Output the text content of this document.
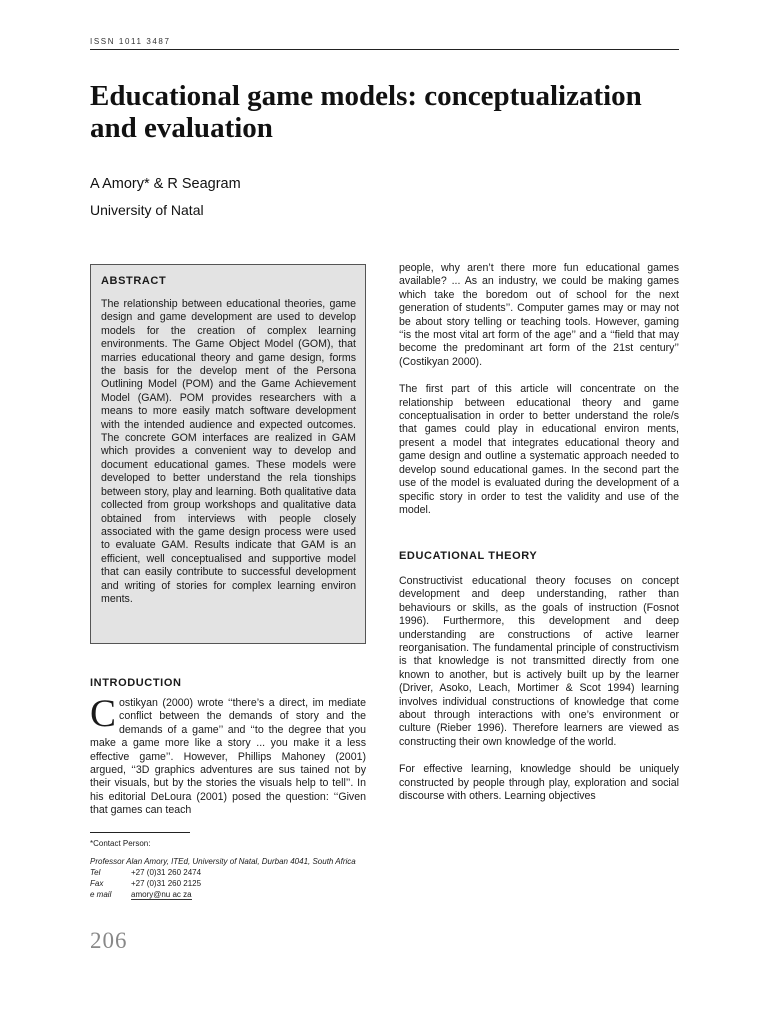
ISSN 1011 3487
Educational game models: conceptualization and evaluation
A Amory* & R Seagram
University of Natal
ABSTRACT

The relationship between educational theories, game design and game development are used to develop models for the creation of complex learning environments. The Game Object Model (GOM), that marries educational theory and game design, forms the basis for the develop ment of the Persona Outlining Model (POM) and the Game Achievement Model (GAM). POM provides researchers with a means to more easily match software development with the intended audience and expected outcomes. The concrete GOM interfaces are realized in GAM which provides a convenient way to develop and document educational games. These models were developed to better understand the rela tionships between story, play and learning. Both qualitative data collected from group workshops and qualitative data obtained from interviews with people closely associated with the game design process were used to evaluate GAM. Results indicate that GAM is an efficient, well conceptualised and supportive model that can easily contribute to successful development and writing of stories for complex learning environ ments.

INTRODUCTION
Costikyan (2000) wrote ‘‘there’s a direct, im mediate conflict between the demands of story and the demands of a game’’ and ‘‘to the degree that you make a game more like a story ... you make it a less effective game’’. However, Phillips Mahoney (2001) argued, ‘‘3D graphics adventures are sus tained not by their visuals, but by the stories the visuals help to tell’’. In his editorial DeLoura (2001) posed the question: ‘‘Given that games can teach

people, why aren’t there more fun educational games available? ... As an industry, we could be making games which take the boredom out of school for the next generation of students’’. Computer games may or may not be about story telling or teaching tools. However, gaming ‘‘is the most vital art form of the age’’ and a ‘‘field that may become the predominant art form of the 21st century’’ (Costikyan 2000).

The first part of this article will concentrate on the relationship between educational theory and game conceptualisation in order to better understand the role/s that games could play in educational environ ments, present a model that integrates educational theory and game design and outline a systematic approach needed to develop sound educational games. In the second part the use of the model is evaluated during the development of a specific story in order to test the validity and use of the model.

EDUCATIONAL THEORY

Constructivist educational theory focuses on concept development and deep understanding, rather than behaviours or skills, as the goals of instruction (Fosnot 1996). Furthermore, this development and deep understanding are constructions of active learner reorganisation. The fundamental principle of constructivism is that knowledge is not transmitted directly from one known to another, but is actively built up by the learner (Driver, Asoko, Leach, Mortimer & Scot 1994) learning involves individual constructions of knowledge that come about through interactions with one’s environment or culture (Rieber 1996). Therefore learners are viewed as constructing their own knowledge of the world.

For effective learning, knowledge should be uniquely constructed by people through play, exploration and social discourse with others. Learning objectives

*Contact Person:
Professor Alan Amory, ITEd, University of Natal, Durban 4041, South Africa
Tel	+27 (0)31 260 2474
Fax	+27 (0)31 260 2125
e mail amory@nu ac za
206
